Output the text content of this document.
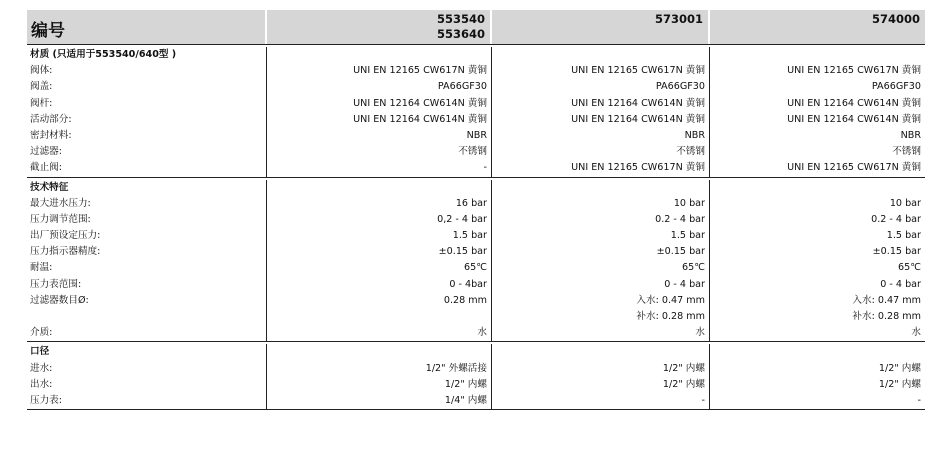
编号
553540
553640
573001	574000
材质 (只适用于553540/640型 )
阀体:
阀盖:
阀杆:
活动部分:
密封材料:
过滤器:
截止阀:
UNI EN 12165 CW617N 黄铜
PA66GF30
UNI EN 12164 CW614N 黄铜
UNI EN 12164 CW614N 黄铜
NBR
不锈钢
-
UNI EN 12165 CW617N 黄铜
PA66GF30
UNI EN 12164 CW614N 黄铜
UNI EN 12164 CW614N 黄铜
NBR
不锈钢
UNI EN 12165 CW617N 黄铜
UNI EN 12165 CW617N 黄铜
PA66GF30
UNI EN 12164 CW614N 黄铜
UNI EN 12164 CW614N 黄铜
NBR
不锈钢
UNI EN 12165 CW617N 黄铜
技术特征
最大进水压力:
压力调节范围:
出厂预设定压力:
压力指示器精度:
耐温:
压力表范围:
过滤器数目Ø:
介质:
16 bar
0,2 - 4 bar
1.5 bar
±0.15 bar
65℃
0 - 4bar
0.28 mm
水
10 bar
0.2 - 4 bar
1.5 bar
±0.15 bar
65℃
0 - 4 bar
入水: 0.47 mm
补水: 0.28 mm
水
10 bar
0.2 - 4 bar
1.5 bar
±0.15 bar
65℃
0 - 4 bar
入水: 0.47 mm
补水: 0.28 mm
水
口径
进水:
出水:
压力表:
1/2" 外螺活接
1/2" 内螺
1/4" 内螺
1/2" 内螺
1/2" 内螺
-
1/2" 内螺
1/2" 内螺
-
